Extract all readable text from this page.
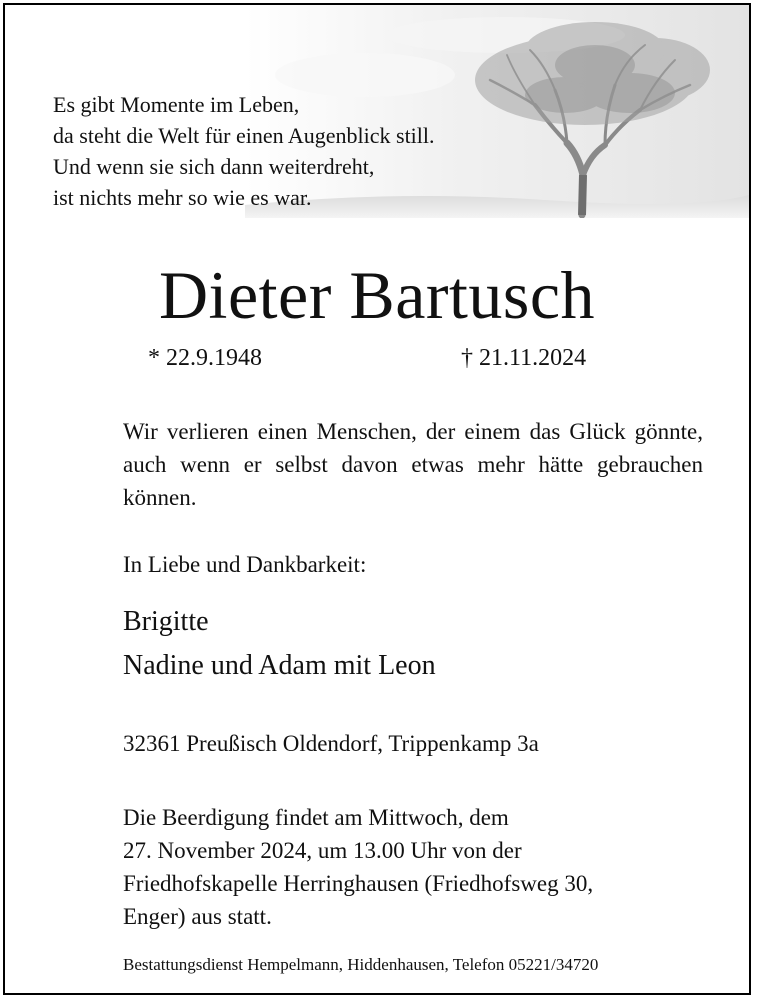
Es gibt Momente im Leben,
da steht die Welt für einen Augenblick still.
Und wenn sie sich dann weiterdreht,
ist nichts mehr so wie es war.
Dieter Bartusch
* 22.9.1948	† 21.11.2024
Wir verlieren einen Menschen, der einem das Glück gönnte, auch wenn er selbst davon etwas mehr hätte gebrauchen können.
In Liebe und Dankbarkeit:
Brigitte
Nadine und Adam mit Leon
32361 Preußisch Oldendorf, Trippenkamp 3a
Die Beerdigung findet am Mittwoch, dem
27. November 2024, um 13.00 Uhr von der
Friedhofskapelle Herringhausen (Friedhofsweg 30,
Enger) aus statt.
Bestattungsdienst Hempelmann, Hiddenhausen, Telefon 05221/34720
